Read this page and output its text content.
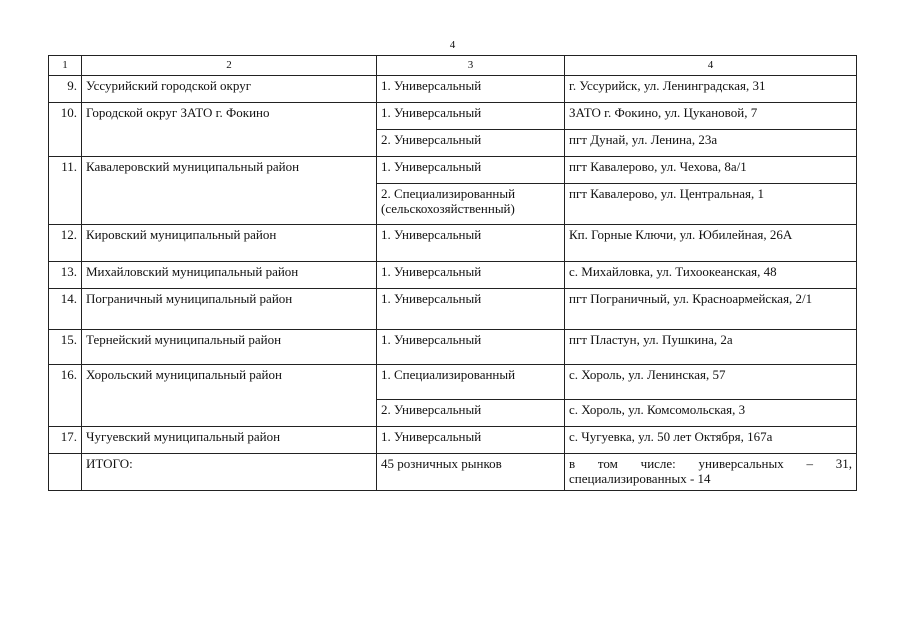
4
1	2	3	4
9.	Уссурийский городской округ	1. Универсальный	г. Уссурийск, ул. Ленинградская, 31
10.	Городской округ ЗАТО г. Фокино	1. Универсальный	ЗАТО г. Фокино, ул. Цукановой, 7
		2. Универсальный	пгт Дунай, ул. Ленина, 23а
11.	Кавалеровский муниципальный район	1. Универсальный	пгт Кавалерово, ул. Чехова, 8а/1
		2. Специализированный (сельскохозяйственный)	пгт Кавалерово, ул. Центральная, 1
12.	Кировский муниципальный район	1. Универсальный	Кп. Горные Ключи, ул. Юбилейная, 26А
13.	Михайловский муниципальный район	1. Универсальный	с. Михайловка, ул. Тихоокеанская, 48
14.	Пограничный муниципальный район	1. Универсальный	пгт Пограничный, ул. Красноармейская, 2/1
15.	Тернейский муниципальный район	1. Универсальный	пгт Пластун, ул. Пушкина, 2а
16.	Хорольский муниципальный район	1. Специализированный	с. Хороль, ул. Ленинская, 57
		2. Универсальный	с. Хороль, ул. Комсомольская, 3
17.	Чугуевский муниципальный район	1. Универсальный	с. Чугуевка, ул. 50 лет Октября, 167а
	ИТОГО:	45 розничных рынков	в том числе: универсальных – 31, специализированных - 14
